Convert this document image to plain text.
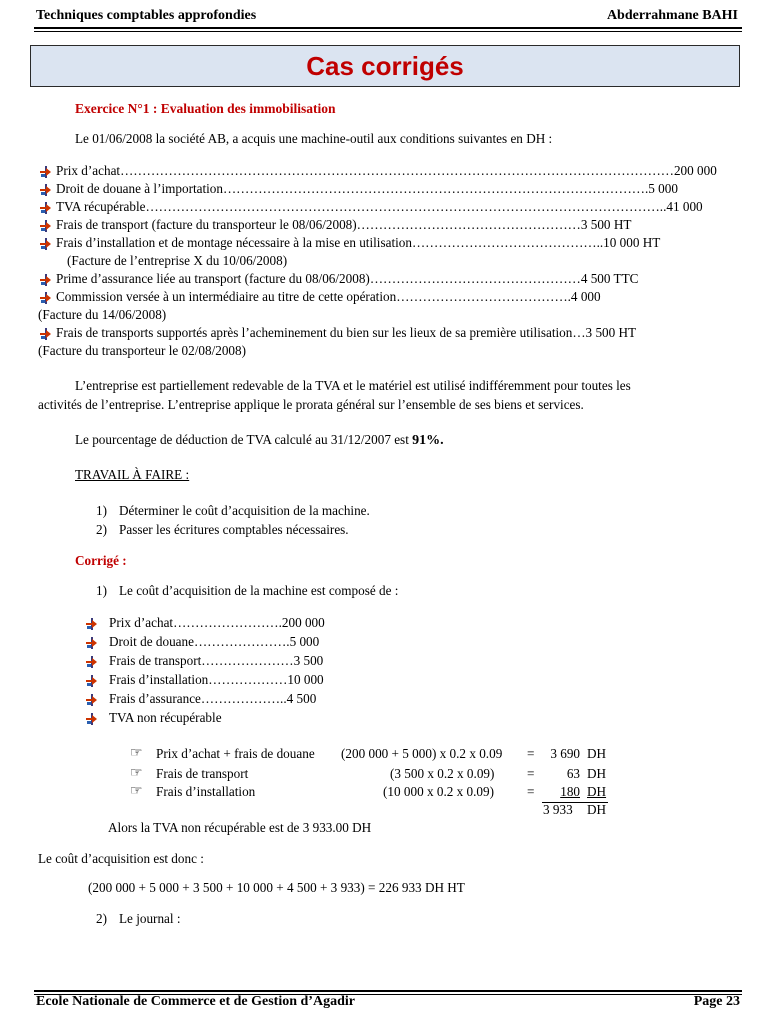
Techniques comptables approfondies	Abderrahmane BAHI
Cas corrigés
Exercice N°1 : Evaluation des immobilisation
Le 01/06/2008 la société AB, a acquis une machine-outil aux conditions suivantes en DH :
Prix d’achat………………………………………………………………………………………………………………200 000
Droit de douane à l’importation…………………………………………………………………………………….5 000
TVA récupérable………………………………………………………………………………………………………..41 000
Frais de transport (facture du transporteur le 08/06/2008)……………………………………………3 500 HT
Frais d’installation et de montage nécessaire à la mise en utilisation……………………………………..10 000 HT
(Facture de l’entreprise X du 10/06/2008)
Prime d’assurance liée au transport (facture du 08/06/2008)…………………………………………4 500 TTC
Commission versée à un intermédiaire au titre de cette opération………………………………….4 000
(Facture du 14/06/2008)
Frais de transports supportés après l’acheminement du bien sur les lieux de sa première utilisation…3 500 HT
(Facture du transporteur le 02/08/2008)
L’entreprise est partiellement redevable de la TVA et le matériel est utilisé indifféremment pour toutes les
activités de l’entreprise. L’entreprise applique le prorata général sur l’ensemble de ses biens et services.
Le pourcentage de déduction de TVA calculé au 31/12/2007 est 91%.
TRAVAIL À FAIRE :
1) Déterminer le coût d’acquisition de la machine.
2) Passer les écritures comptables nécessaires.
Corrigé :
1) Le coût d’acquisition de la machine est composé de :
Prix d’achat…………………….200 000
Droit de douane………………….5 000
Frais de transport…………………3 500
Frais d’installation………………10 000
Frais d’assurance………………..4 500
TVA non récupérable
☞ Prix d’achat + frais de douane (200 000 + 5 000) x 0.2 x 0.09 = 3 690 DH
☞ Frais de transport	(3 500 x 0.2 x 0.09) = 63 DH
☞ Frais d’installation	(10 000 x 0.2 x 0.09)	= 180 DH
3 933 DH
Alors la TVA non récupérable est de 3 933.00 DH
Le coût d’acquisition est donc :
(200 000 + 5 000 + 3 500 + 10 000 + 4 500 + 3 933) = 226 933 DH HT
2) Le journal :
Ecole Nationale de Commerce et de Gestion d’Agadir	Page 23
